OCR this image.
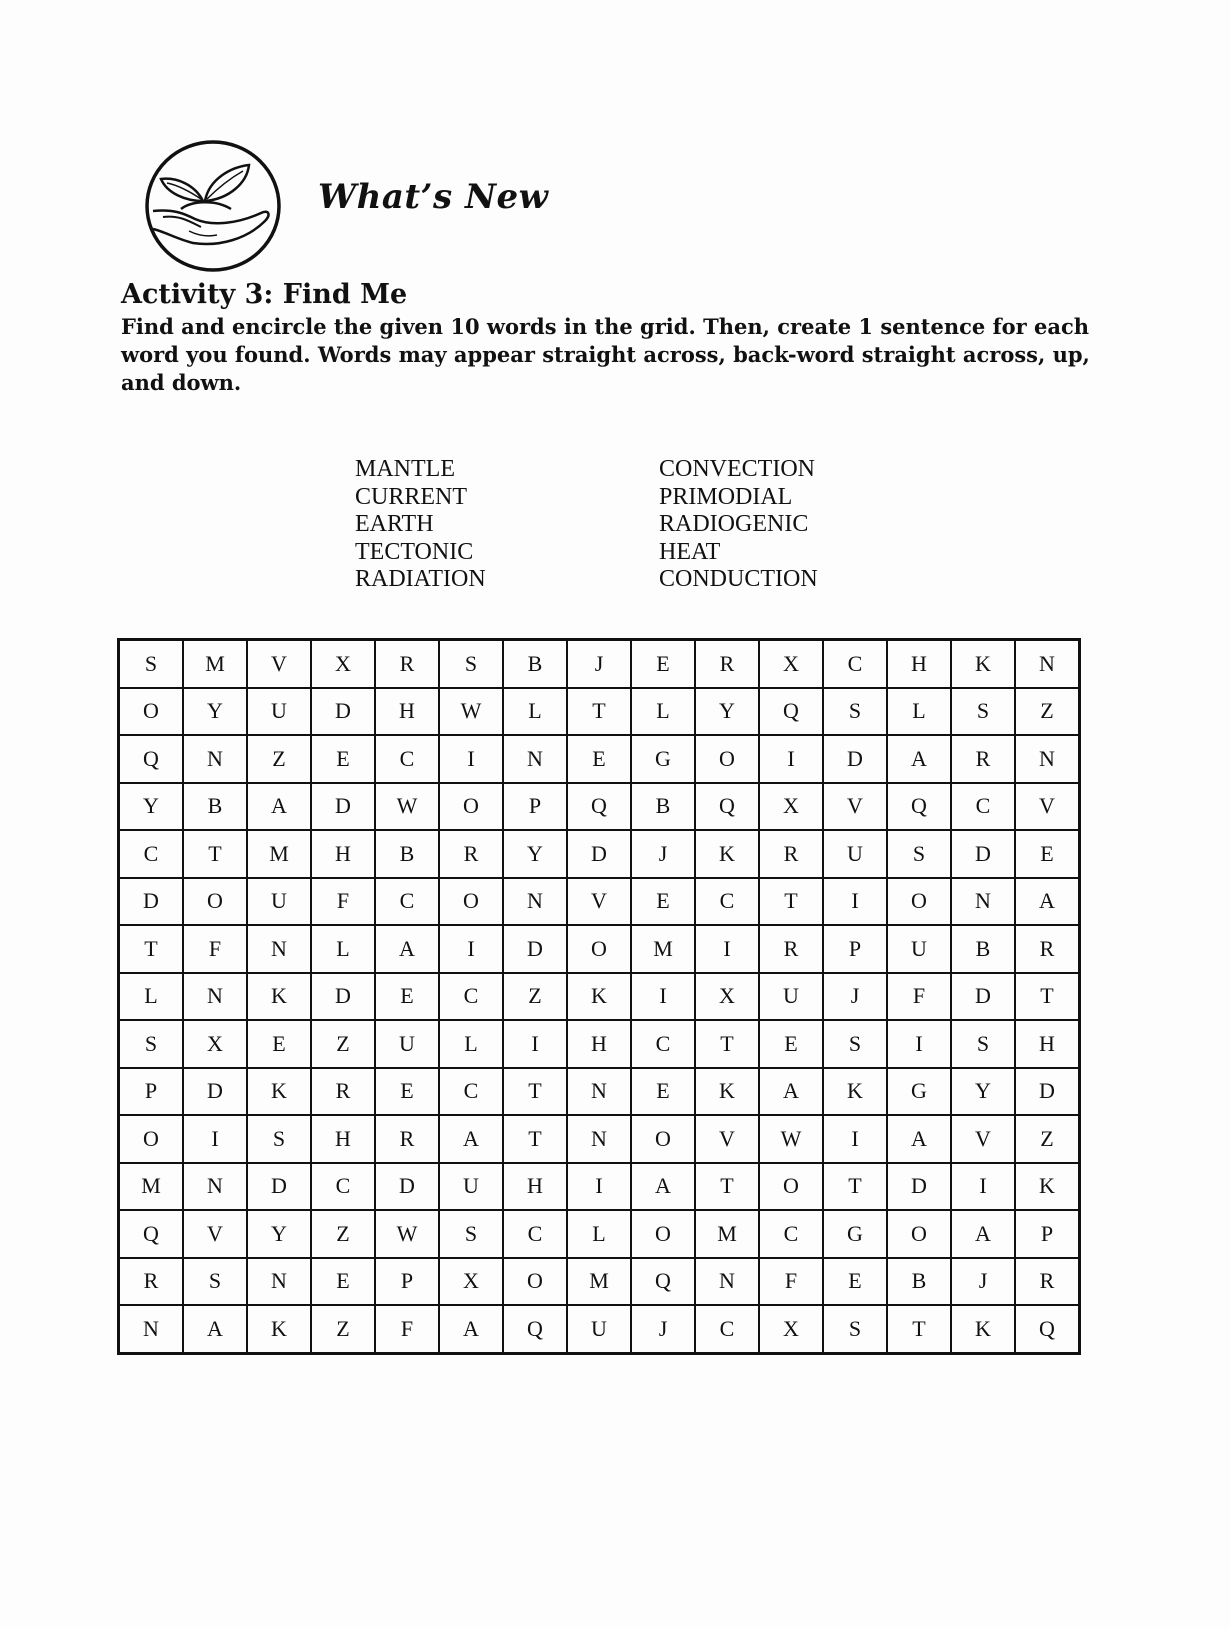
What’s New
Activity 3: Find Me

Find and encircle the given 10 words in the grid. Then, create 1 sentence for each word you found. Words may appear straight across, back-word straight across, up, and down.

MANTLE
CURRENT
EARTH
TECTONIC
RADIATION
CONVECTION
PRIMODIAL
RADIOGENIC
HEAT
CONDUCTION
S	M	V	X	R	S	B	J	E	R	X	C	H	K	N
O	Y	U	D	H	W	L	T	L	Y	Q	S	L	S	Z
Q	N	Z	E	C	I	N	E	G	O	I	D	A	R	N
Y	B	A	D	W	O	P	Q	B	Q	X	V	Q	C	V
C	T	M	H	B	R	Y	D	J	K	R	U	S	D	E
D	O	U	F	C	O	N	V	E	C	T	I	O	N	A
T	F	N	L	A	I	D	O	M	I	R	P	U	B	R
L	N	K	D	E	C	Z	K	I	X	U	J	F	D	T
S	X	E	Z	U	L	I	H	C	T	E	S	I	S	H
P	D	K	R	E	C	T	N	E	K	A	K	G	Y	D
O	I	S	H	R	A	T	N	O	V	W	I	A	V	Z
M	N	D	C	D	U	H	I	A	T	O	T	D	I	K
Q	V	Y	Z	W	S	C	L	O	M	C	G	O	A	P
R	S	N	E	P	X	O	M	Q	N	F	E	B	J	R
N	A	K	Z	F	A	Q	U	J	C	X	S	T	K	Q
